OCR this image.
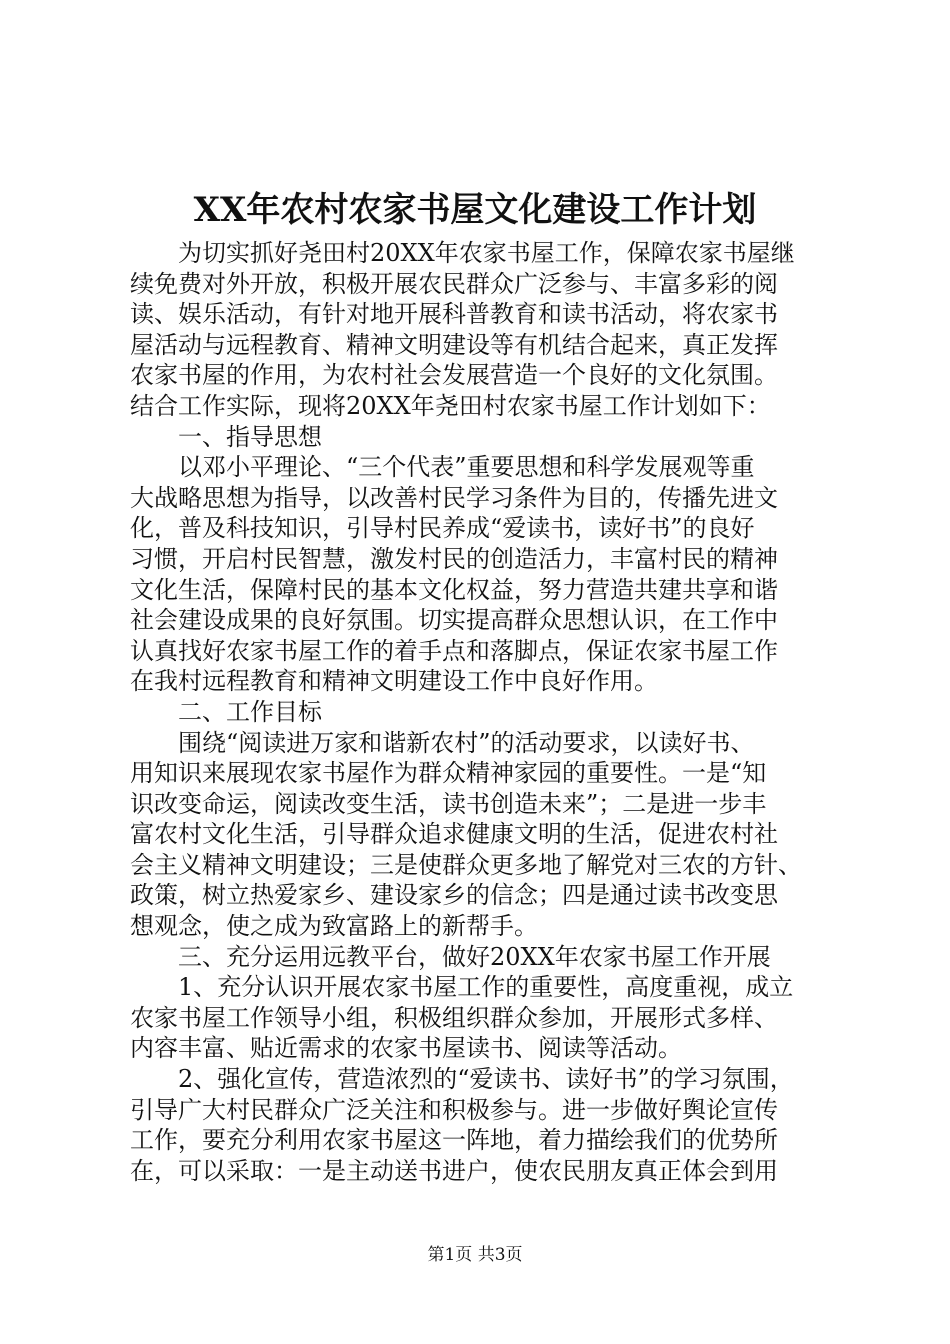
XX年农村农家书屋文化建设工作计划
　　为切实抓好尧田村20XX年农家书屋工作，保障农家书屋继
续免费对外开放，积极开展农民群众广泛参与、丰富多彩的阅
读、娱乐活动，有针对地开展科普教育和读书活动，将农家书
屋活动与远程教育、精神文明建设等有机结合起来，真正发挥
农家书屋的作用，为农村社会发展营造一个良好的文化氛围。
结合工作实际，现将20XX年尧田村农家书屋工作计划如下：
　　一、指导思想
　　以邓小平理论、“三个代表”重要思想和科学发展观等重
大战略思想为指导，以改善村民学习条件为目的，传播先进文
化，普及科技知识，引导村民养成“爱读书，读好书”的良好
习惯，开启村民智慧，激发村民的创造活力，丰富村民的精神
文化生活，保障村民的基本文化权益，努力营造共建共享和谐
社会建设成果的良好氛围。切实提高群众思想认识，在工作中
认真找好农家书屋工作的着手点和落脚点，保证农家书屋工作
在我村远程教育和精神文明建设工作中良好作用。
　　二、工作目标
　　围绕“阅读进万家和谐新农村”的活动要求，以读好书、
用知识来展现农家书屋作为群众精神家园的重要性。一是“知
识改变命运，阅读改变生活，读书创造未来”；二是进一步丰
富农村文化生活，引导群众追求健康文明的生活，促进农村社
会主义精神文明建设；三是使群众更多地了解党对三农的方针、
政策，树立热爱家乡、建设家乡的信念；四是通过读书改变思
想观念，使之成为致富路上的新帮手。
　　三、充分运用远教平台，做好20XX年农家书屋工作开展
　　1、充分认识开展农家书屋工作的重要性，高度重视，成立
农家书屋工作领导小组，积极组织群众参加，开展形式多样、
内容丰富、贴近需求的农家书屋读书、阅读等活动。
　　2、强化宣传，营造浓烈的“爱读书、读好书”的学习氛围，
引导广大村民群众广泛关注和积极参与。进一步做好舆论宣传
工作，要充分利用农家书屋这一阵地，着力描绘我们的优势所
在，可以采取：一是主动送书进户，使农民朋友真正体会到用
第1页 共3页
